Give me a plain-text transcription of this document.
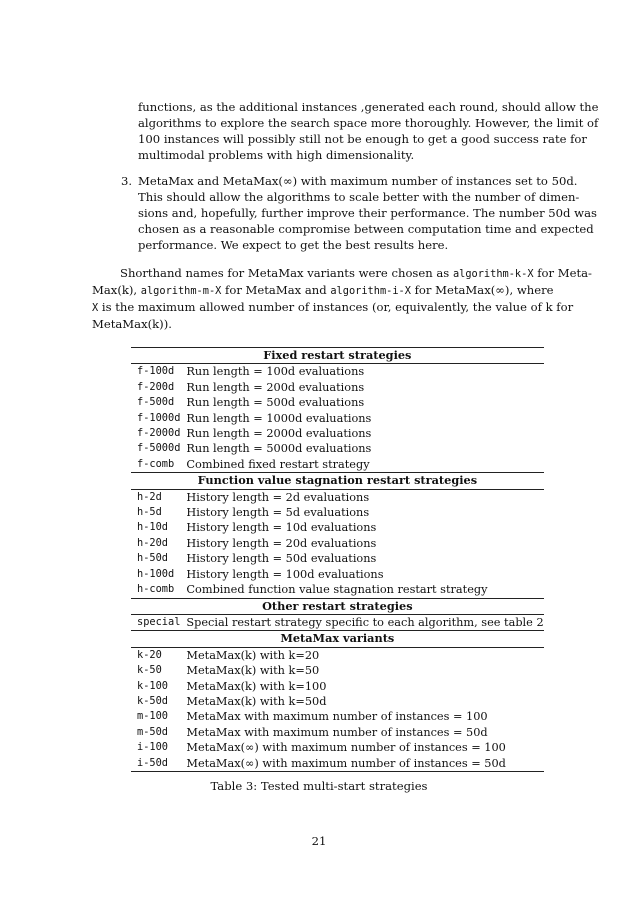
functions, as the additional instances ,generated each round, should allow the
algorithms to explore the search space more thoroughly. However, the limit of
100 instances will possibly still not be enough to get a good success rate for
multimodal problems with high dimensionality.
3. MetaMax and MetaMax(∞) with maximum number of instances set to 50d.
This should allow the algorithms to scale better with the number of dimen-
sions and, hopefully, further improve their performance. The number 50d was
chosen as a reasonable compromise between computation time and expected
performance. We expect to get the best results here.
Shorthand names for MetaMax variants were chosen as algorithm-k-X for Meta-
Max(k), algorithm-m-X for MetaMax and algorithm-i-X for MetaMax(∞), where
X is the maximum allowed number of instances (or, equivalently, the value of k for
MetaMax(k)).
Fixed restart strategies	
f-100d	Run length = 100d evaluations
f-200d	Run length = 200d evaluations
f-500d	Run length = 500d evaluations
f-1000d	Run length = 1000d evaluations
f-2000d	Run length = 2000d evaluations
f-5000d	Run length = 5000d evaluations
f-comb	Combined fixed restart strategy
Function value stagnation restart strategies	
h-2d	History length = 2d evaluations
h-5d	History length = 5d evaluations
h-10d	History length = 10d evaluations
h-20d	History length = 20d evaluations
h-50d	History length = 50d evaluations
h-100d	History length = 100d evaluations
h-comb	Combined function value stagnation restart strategy
Other restart strategies	
special	Special restart strategy specific to each algorithm, see table 2
MetaMax variants	
k-20	MetaMax(k) with k=20
k-50	MetaMax(k) with k=50
k-100	MetaMax(k) with k=100
k-50d	MetaMax(k) with k=50d
m-100	MetaMax with maximum number of instances = 100
m-50d	MetaMax with maximum number of instances = 50d
i-100	MetaMax(∞) with maximum number of instances = 100
i-50d	MetaMax(∞) with maximum number of instances = 50d
Table 3: Tested multi-start strategies
21
